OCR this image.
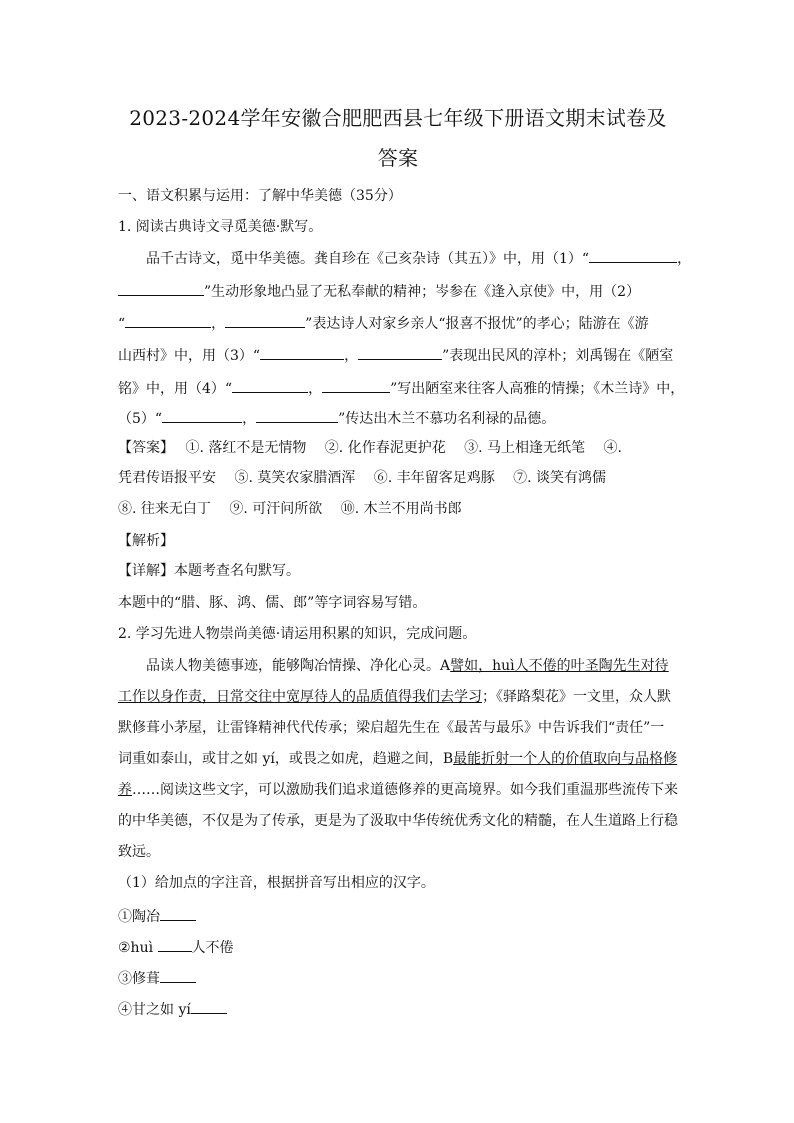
2023-2024学年安徽合肥肥西县七年级下册语文期末试卷及
答案
一、语文积累与运用：了解中华美德（35分）
1. 阅读古典诗文寻觅美德·默写。
品千古诗文，觅中华美德。龚自珍在《己亥杂诗（其五）》中，用（1）“	，
”生动形象地凸显了无私奉献的精神；岑参在《逢入京使》中，用（2）
“	，	”表达诗人对家乡亲人“报喜不报忧”的孝心；陆游在《游
山西村》中，用（3）“	，	”表现出民风的淳朴；刘禹锡在《陋室
铭》中，用（4）“	，	”写出陋室来往客人高雅的情操；《木兰诗》中，
（5）“	，	”传达出木兰不慕功名利禄的品德。
【答案】　 ①. 落红不是无情物　 ②. 化作春泥更护花　 ③. 马上相逢无纸笔　 ④.
凭君传语报平安　 ⑤. 莫笑农家腊酒浑　 ⑥. 丰年留客足鸡豚　 ⑦. 谈笑有鸿儒
⑧. 往来无白丁　 ⑨. 可汗问所欲　 ⑩. 木兰不用尚书郎
【解析】
【详解】本题考查名句默写。
本题中的“腊、豚、鸿、儒、郎”等字词容易写错。
2. 学习先进人物崇尚美德·请运用积累的知识，完成问题。
品读人物美德事迹，能够陶冶情操、净化心灵。A譬如，huì人不倦的叶圣陶先生对待
工作以身作责，日常交往中宽厚待人的品质值得我们去学习；《驿路梨花》一文里，众人默
默修葺小茅屋，让雷锋精神代代传承；梁启超先生在《最苦与最乐》中告诉我们“责任”一
词重如泰山，或甘之如 yí，或畏之如虎，趋避之间，B最能折射一个人的价值取向与品格修
养……阅读这些文字，可以激励我们追求道德修养的更高境界。如今我们重温那些流传下来
的中华美德，不仅是为了传承，更是为了汲取中华传统优秀文化的精髓，在人生道路上行稳
致远。
（1）给加点的字注音，根据拼音写出相应的汉字。
①陶冶
②huì 人不倦
③修葺
④甘之如 yí
